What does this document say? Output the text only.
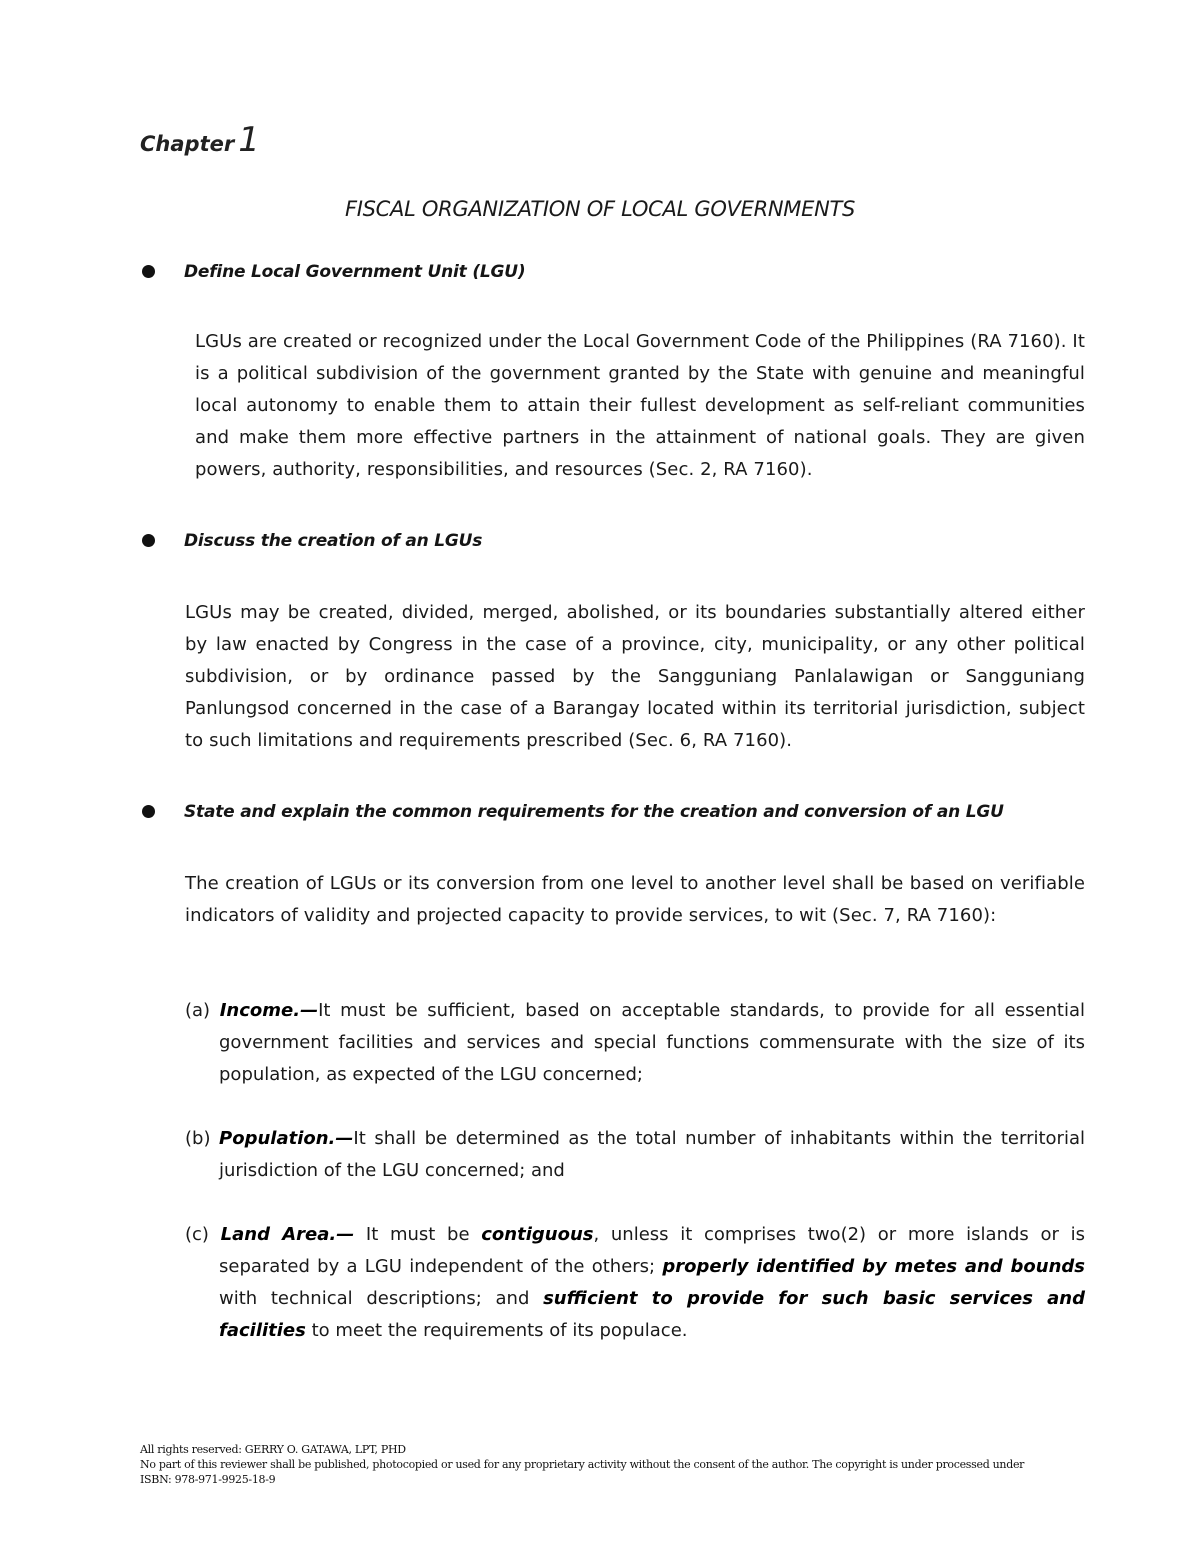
Chapter 1
FISCAL ORGANIZATION OF LOCAL GOVERNMENTS
Define Local Government Unit (LGU)
LGUs are created or recognized under the Local Government Code of the Philippines (RA 7160). It is a political subdivision of the government granted by the State with genuine and meaningful local autonomy to enable them to attain their fullest development as self-reliant communities and make them more effective partners in the attainment of national goals. They are given powers, authority, responsibilities, and resources (Sec. 2, RA 7160).
Discuss the creation of an LGUs
LGUs may be created, divided, merged, abolished, or its boundaries substantially altered either by law enacted by Congress in the case of a province, city, municipality, or any other political subdivision, or by ordinance passed by the Sangguniang Panlalawigan or Sangguniang Panlungsod concerned in the case of a Barangay located within its territorial jurisdiction, subject to such limitations and requirements prescribed (Sec. 6, RA 7160).
State and explain the common requirements for the creation and conversion of an LGU
The creation of LGUs or its conversion from one level to another level shall be based on verifiable indicators of validity and projected capacity to provide services, to wit (Sec. 7, RA 7160):
(a) Income.—It must be sufficient, based on acceptable standards, to provide for all essential government facilities and services and special functions commensurate with the size of its population, as expected of the LGU concerned;
(b) Population.—It shall be determined as the total number of inhabitants within the territorial jurisdiction of the LGU concerned; and
(c) Land Area.— It must be contiguous, unless it comprises two(2) or more islands or is separated by a LGU independent of the others; properly identified by metes and bounds with technical descriptions; and sufficient to provide for such basic services and facilities to meet the requirements of its populace.
All rights reserved: GERRY O. GATAWA, LPT, PHD
No part of this reviewer shall be published, photocopied or used for any proprietary activity without the consent of the author. The copyright is under processed under
ISBN: 978-971-9925-18-9
